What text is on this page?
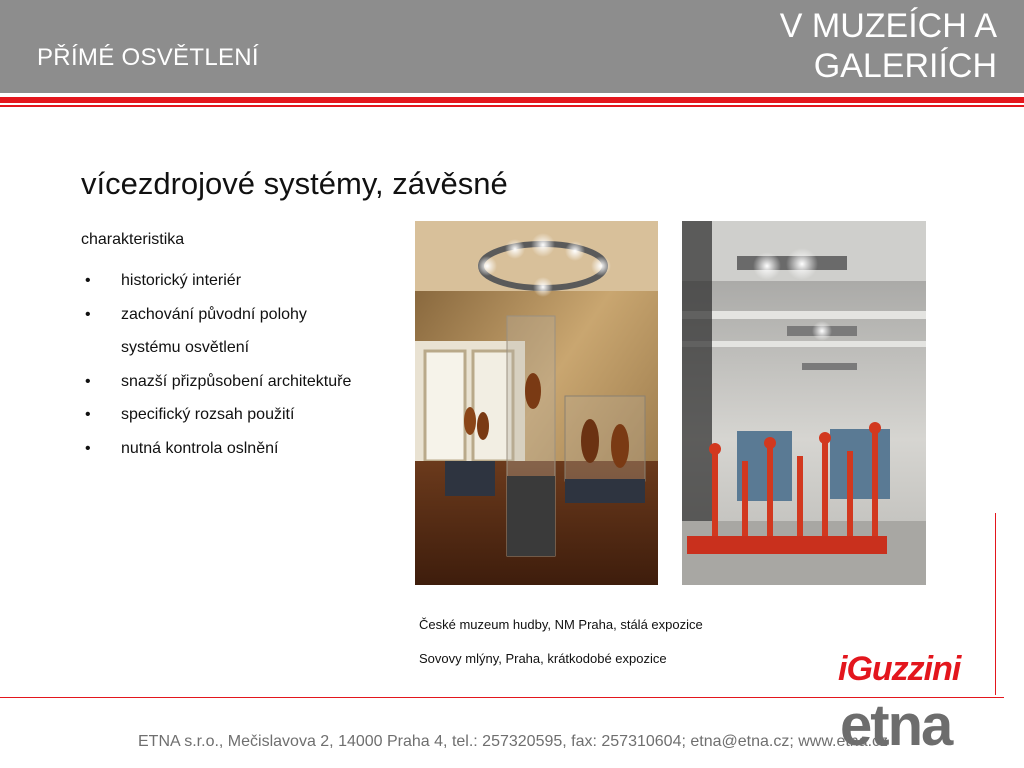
PŘÍMÉ OSVĚTLENÍ
V MUZEÍCH A
GALERIÍCH
vícezdrojové systémy, závěsné
charakteristika
• historický interiér
• zachování původní polohy
systému osvětlení
• snazší přizpůsobení architektuře
• specifický rozsah použití
• nutná kontrola oslnění
České muzeum hudby, NM Praha, stálá expozice
Sovovy mlýny, Praha, krátkodobé expozice	iGuzzini
etna
ETNA s.r.o., Mečislavova 2, 14000 Praha 4, tel.: 257320595, fax: 257310604; etna@etna.cz; www.etna.cz
